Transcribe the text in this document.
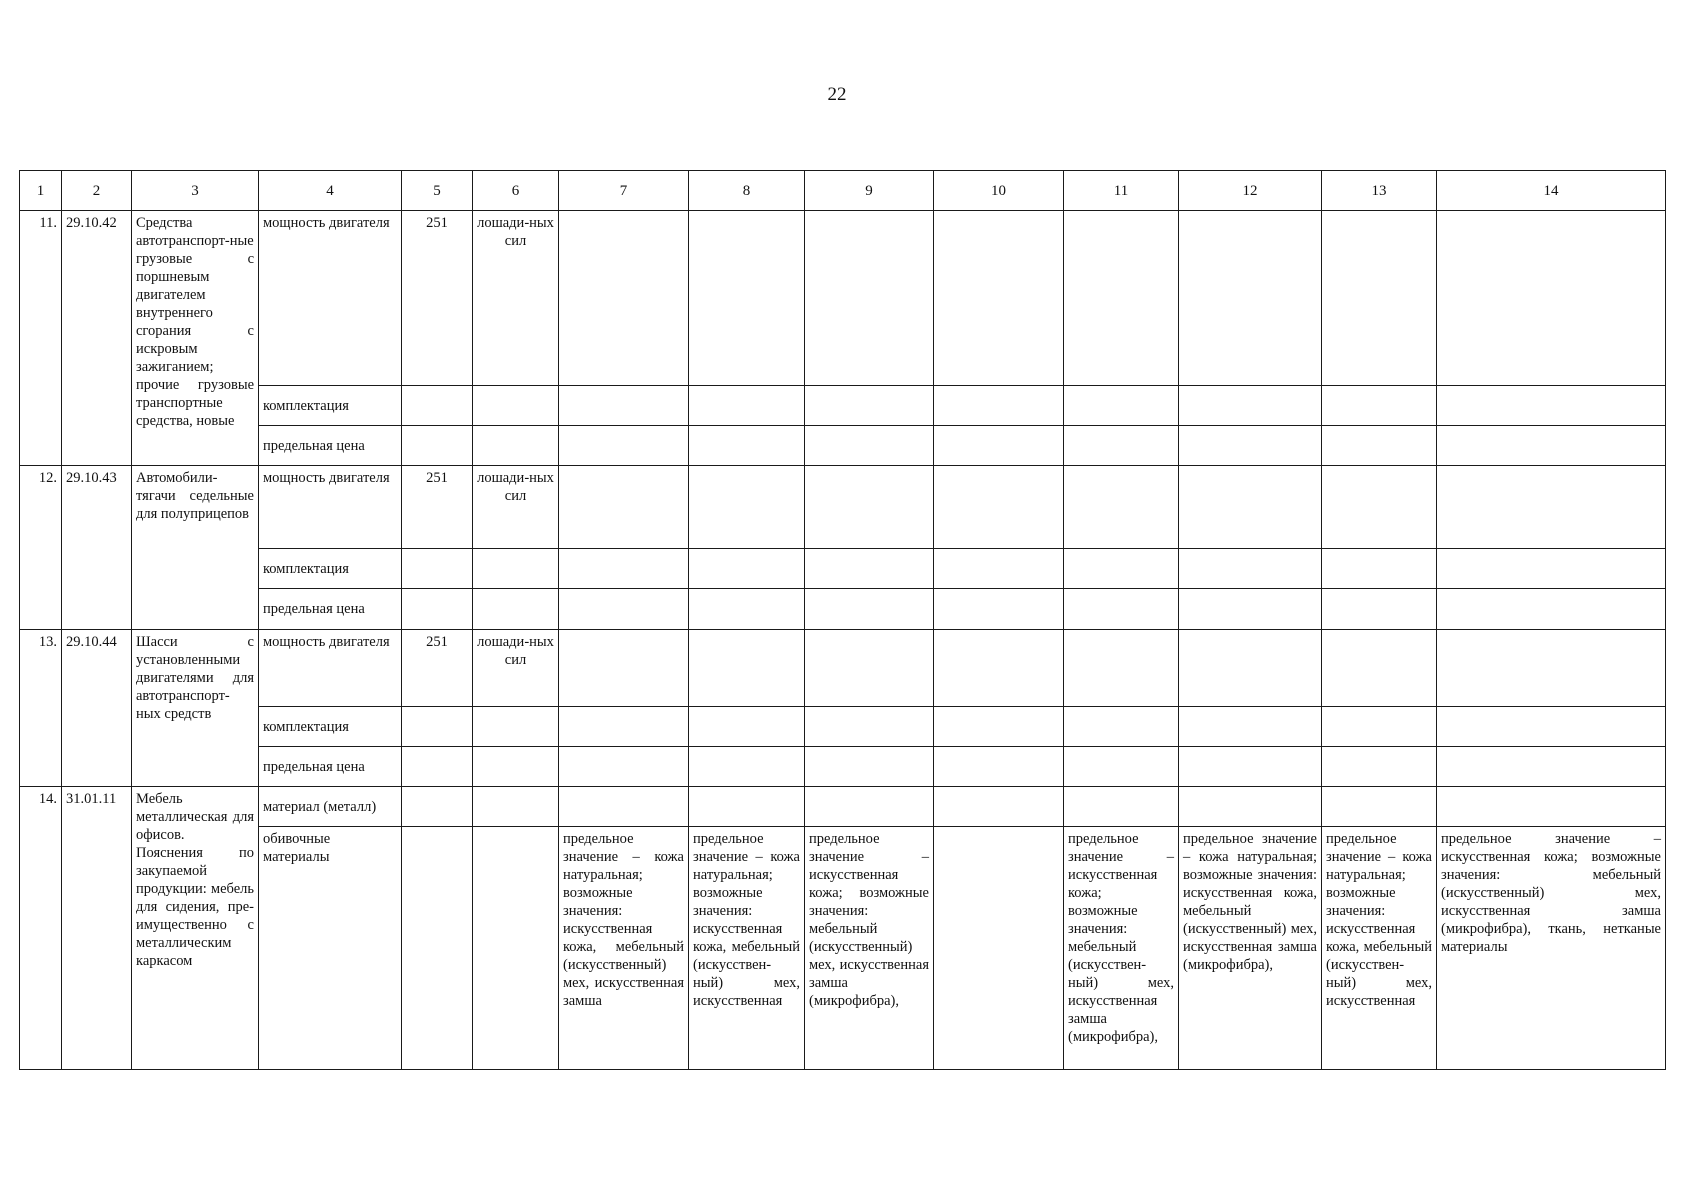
22
1	2	3	4	5	6	7	8	9	10	11	12	13	14
11.	29.10.42	Средства автотранспорт-ные грузовые с поршневым двигателем внутреннего сгорания с искровым зажиганием; прочие грузовые транспортные средства, новые	мощность двигателя	251	лошади-ных сил								
			комплектация										
			предельная цена										
12.	29.10.43	Автомобили-тягачи седельные для полуприцепов	мощность двигателя	251	лошади-ных сил								
			комплектация										
			предельная цена										
13.	29.10.44	Шасси с установленными двигателями для автотранспорт-ных средств	мощность двигателя	251	лошади-ных сил								
			комплектация										
			предельная цена										
14.	31.01.11	Мебель металлическая для офисов. Пояснения по закупаемой продукции: мебель для сидения, пре-имущественно с металлическим каркасом	материал (металл)										
			обивочные материалы			предельное значение – кожа натуральная; возможные значения: искусственная кожа, мебельный (искусственный) мех, искусственная замша	предельное значение – кожа натуральная; возможные значения: искусственная кожа, мебельный (искусствен-ный) мех, искусственная	предельное значение – искусственная кожа; возможные значения: мебельный (искусственный) мех, искусственная замша (микрофибра),		предельное значение – искусственная кожа; возможные значения: мебельный (искусствен-ный) мех, искусственная замша (микрофибра),	предельное значение – кожа натуральная; возможные значения: искусственная кожа, мебельный (искусственный) мех, искусственная замша (микрофибра),	предельное значение – кожа натуральная; возможные значения: искусственная кожа, мебельный (искусствен-ный) мех, искусственная	предельное значение – искусственная кожа; возможные значения: мебельный (искусственный) мех, искусственная замша (микрофибра), ткань, нетканые материалы
